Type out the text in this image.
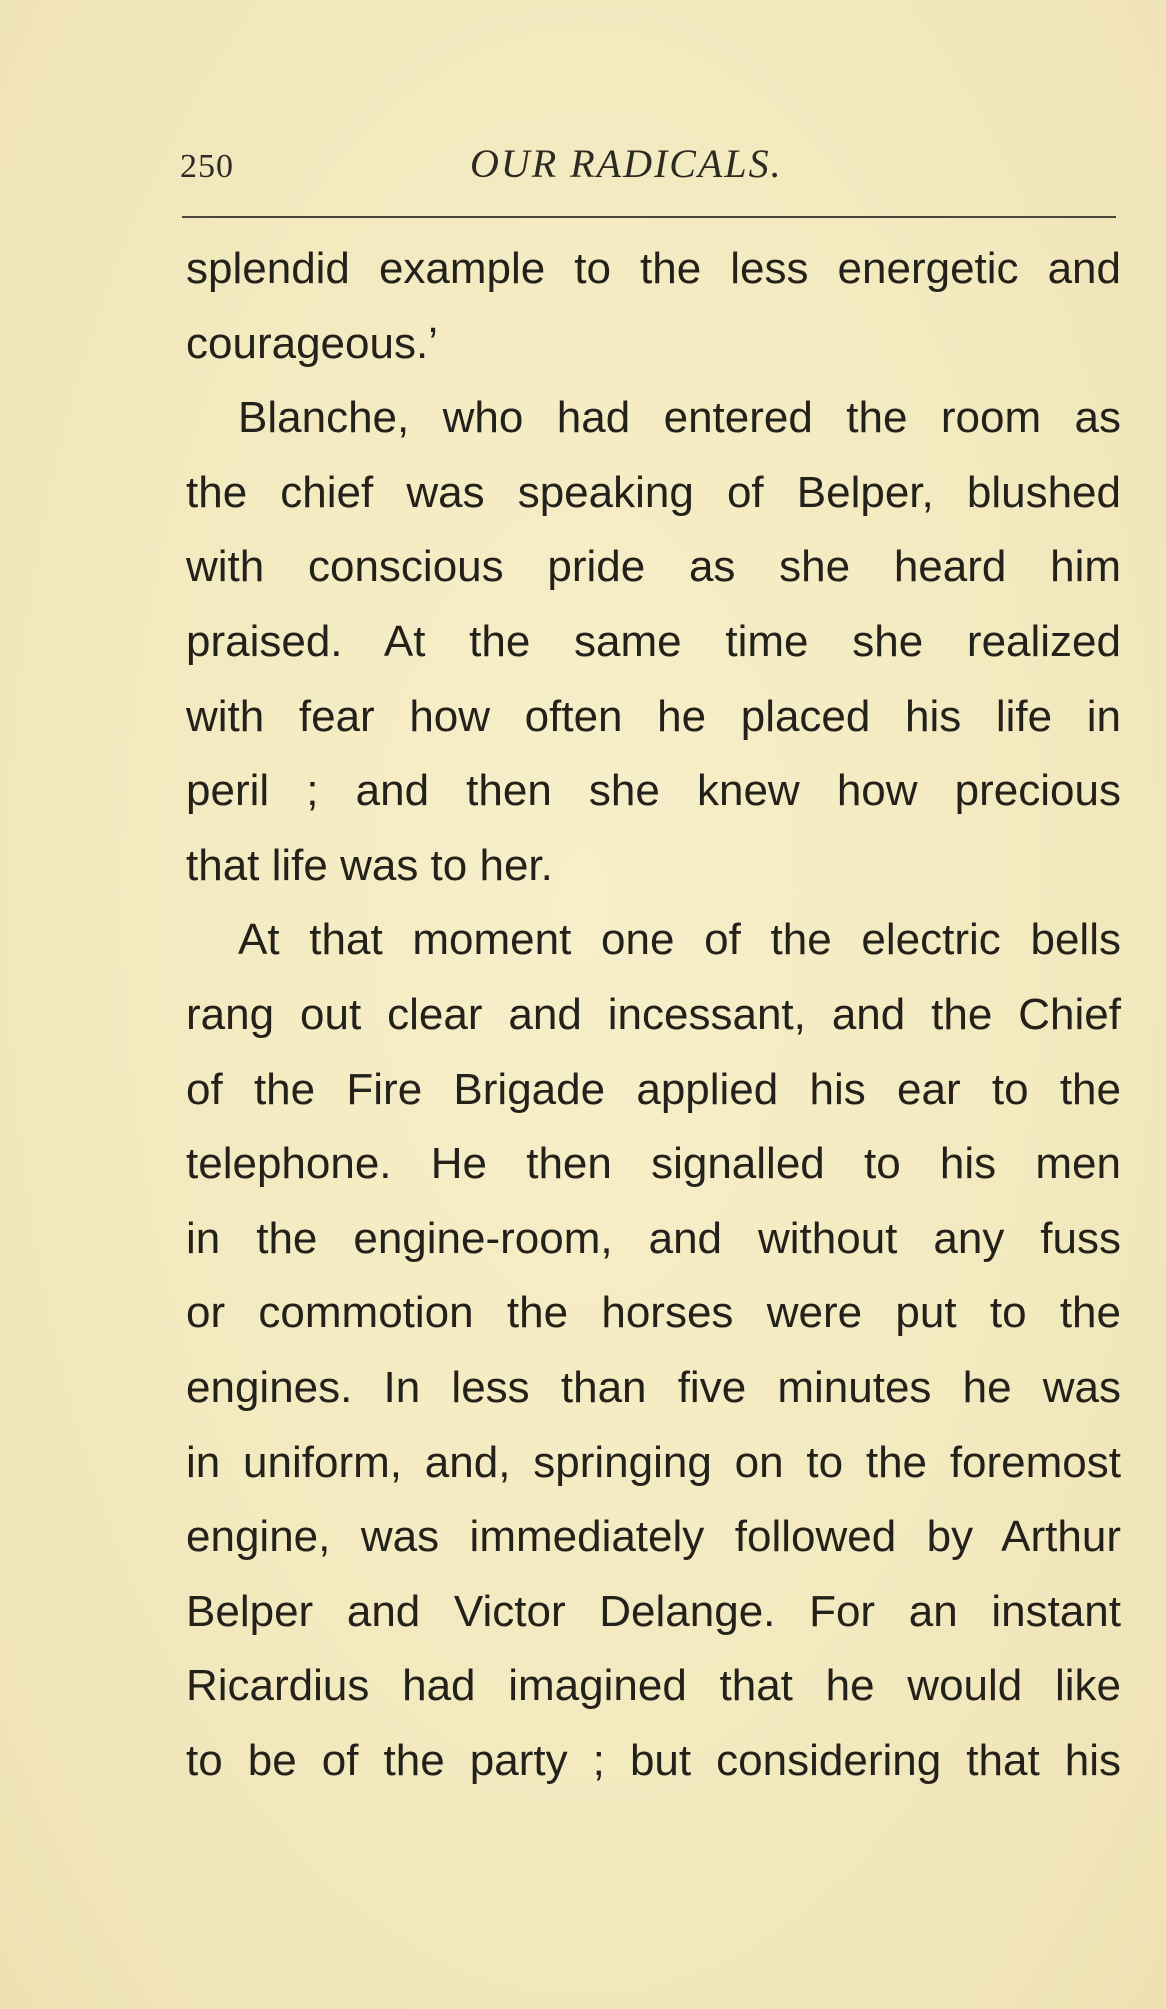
250	OUR RADICALS.
splendid example to the less energetic and
courageous.’
Blanche, who had entered the room as
the chief was speaking of Belper, blushed
with conscious pride as she heard him
praised. At the same time she realized
with fear how often he placed his life in
peril ; and then she knew how precious
that life was to her.
At that moment one of the electric bells
rang out clear and incessant, and the Chief
of the Fire Brigade applied his ear to the
telephone. He then signalled to his men
in the engine-room, and without any fuss
or commotion the horses were put to the
engines. In less than five minutes he was
in uniform, and, springing on to the foremost
engine, was immediately followed by Arthur
Belper and Victor Delange. For an instant
Ricardius had imagined that he would like
to be of the party ; but considering that his
